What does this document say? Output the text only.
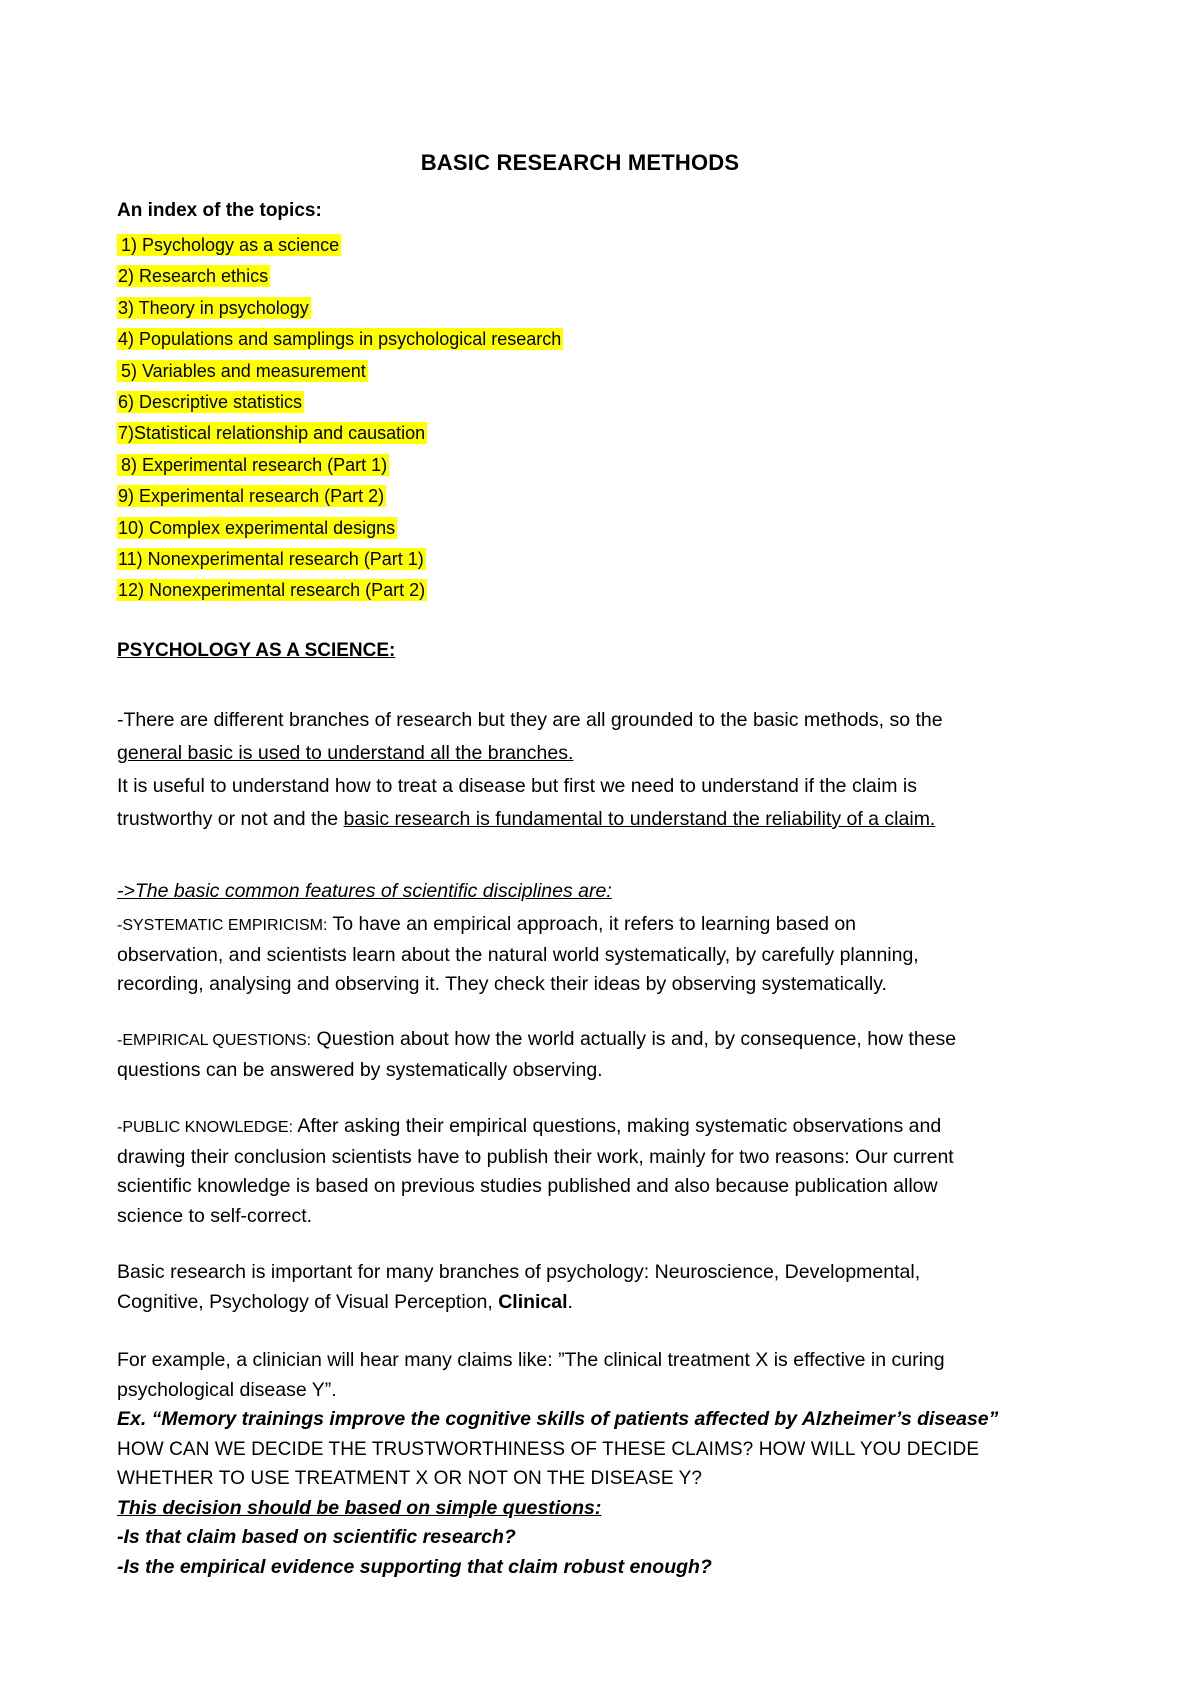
BASIC RESEARCH METHODS
An index of the topics:
1) Psychology as a science
2) Research ethics
3) Theory in psychology
4) Populations and samplings in psychological research
5) Variables and measurement
6) Descriptive statistics
7)Statistical relationship and causation
8) Experimental research (Part 1)
9) Experimental research (Part 2)
10) Complex experimental designs
11) Nonexperimental research (Part 1)
12) Nonexperimental research (Part 2)
PSYCHOLOGY AS A SCIENCE:
-There are different branches of research but they are all grounded to the basic methods, so the
general basic is used to understand all the branches.
It is useful to understand how to treat a disease but first we need to understand if the claim is
trustworthy or not and the basic research is fundamental to understand the reliability of a claim.
->The basic common features of scientific disciplines are:
-SYSTEMATIC EMPIRICISM: To have an empirical approach, it refers to learning based on
observation, and scientists learn about the natural world systematically, by carefully planning,
recording, analysing and observing it. They check their ideas by observing systematically.
-EMPIRICAL QUESTIONS: Question about how the world actually is and, by consequence, how these
questions can be answered by systematically observing.
-PUBLIC KNOWLEDGE: After asking their empirical questions, making systematic observations and
drawing their conclusion scientists have to publish their work, mainly for two reasons: Our current
scientific knowledge is based on previous studies published and also because publication allow
science to self-correct.
Basic research is important for many branches of psychology: Neuroscience, Developmental,
Cognitive, Psychology of Visual Perception, Clinical.
For example, a clinician will hear many claims like: ”The clinical treatment X is effective in curing
psychological disease Y”.
Ex. “Memory trainings improve the cognitive skills of patients affected by Alzheimer’s disease”
HOW CAN WE DECIDE THE TRUSTWORTHINESS OF THESE CLAIMS? HOW WILL YOU DECIDE
WHETHER TO USE TREATMENT X OR NOT ON THE DISEASE Y?
This decision should be based on simple questions:
-Is that claim based on scientific research?
-Is the empirical evidence supporting that claim robust enough?
